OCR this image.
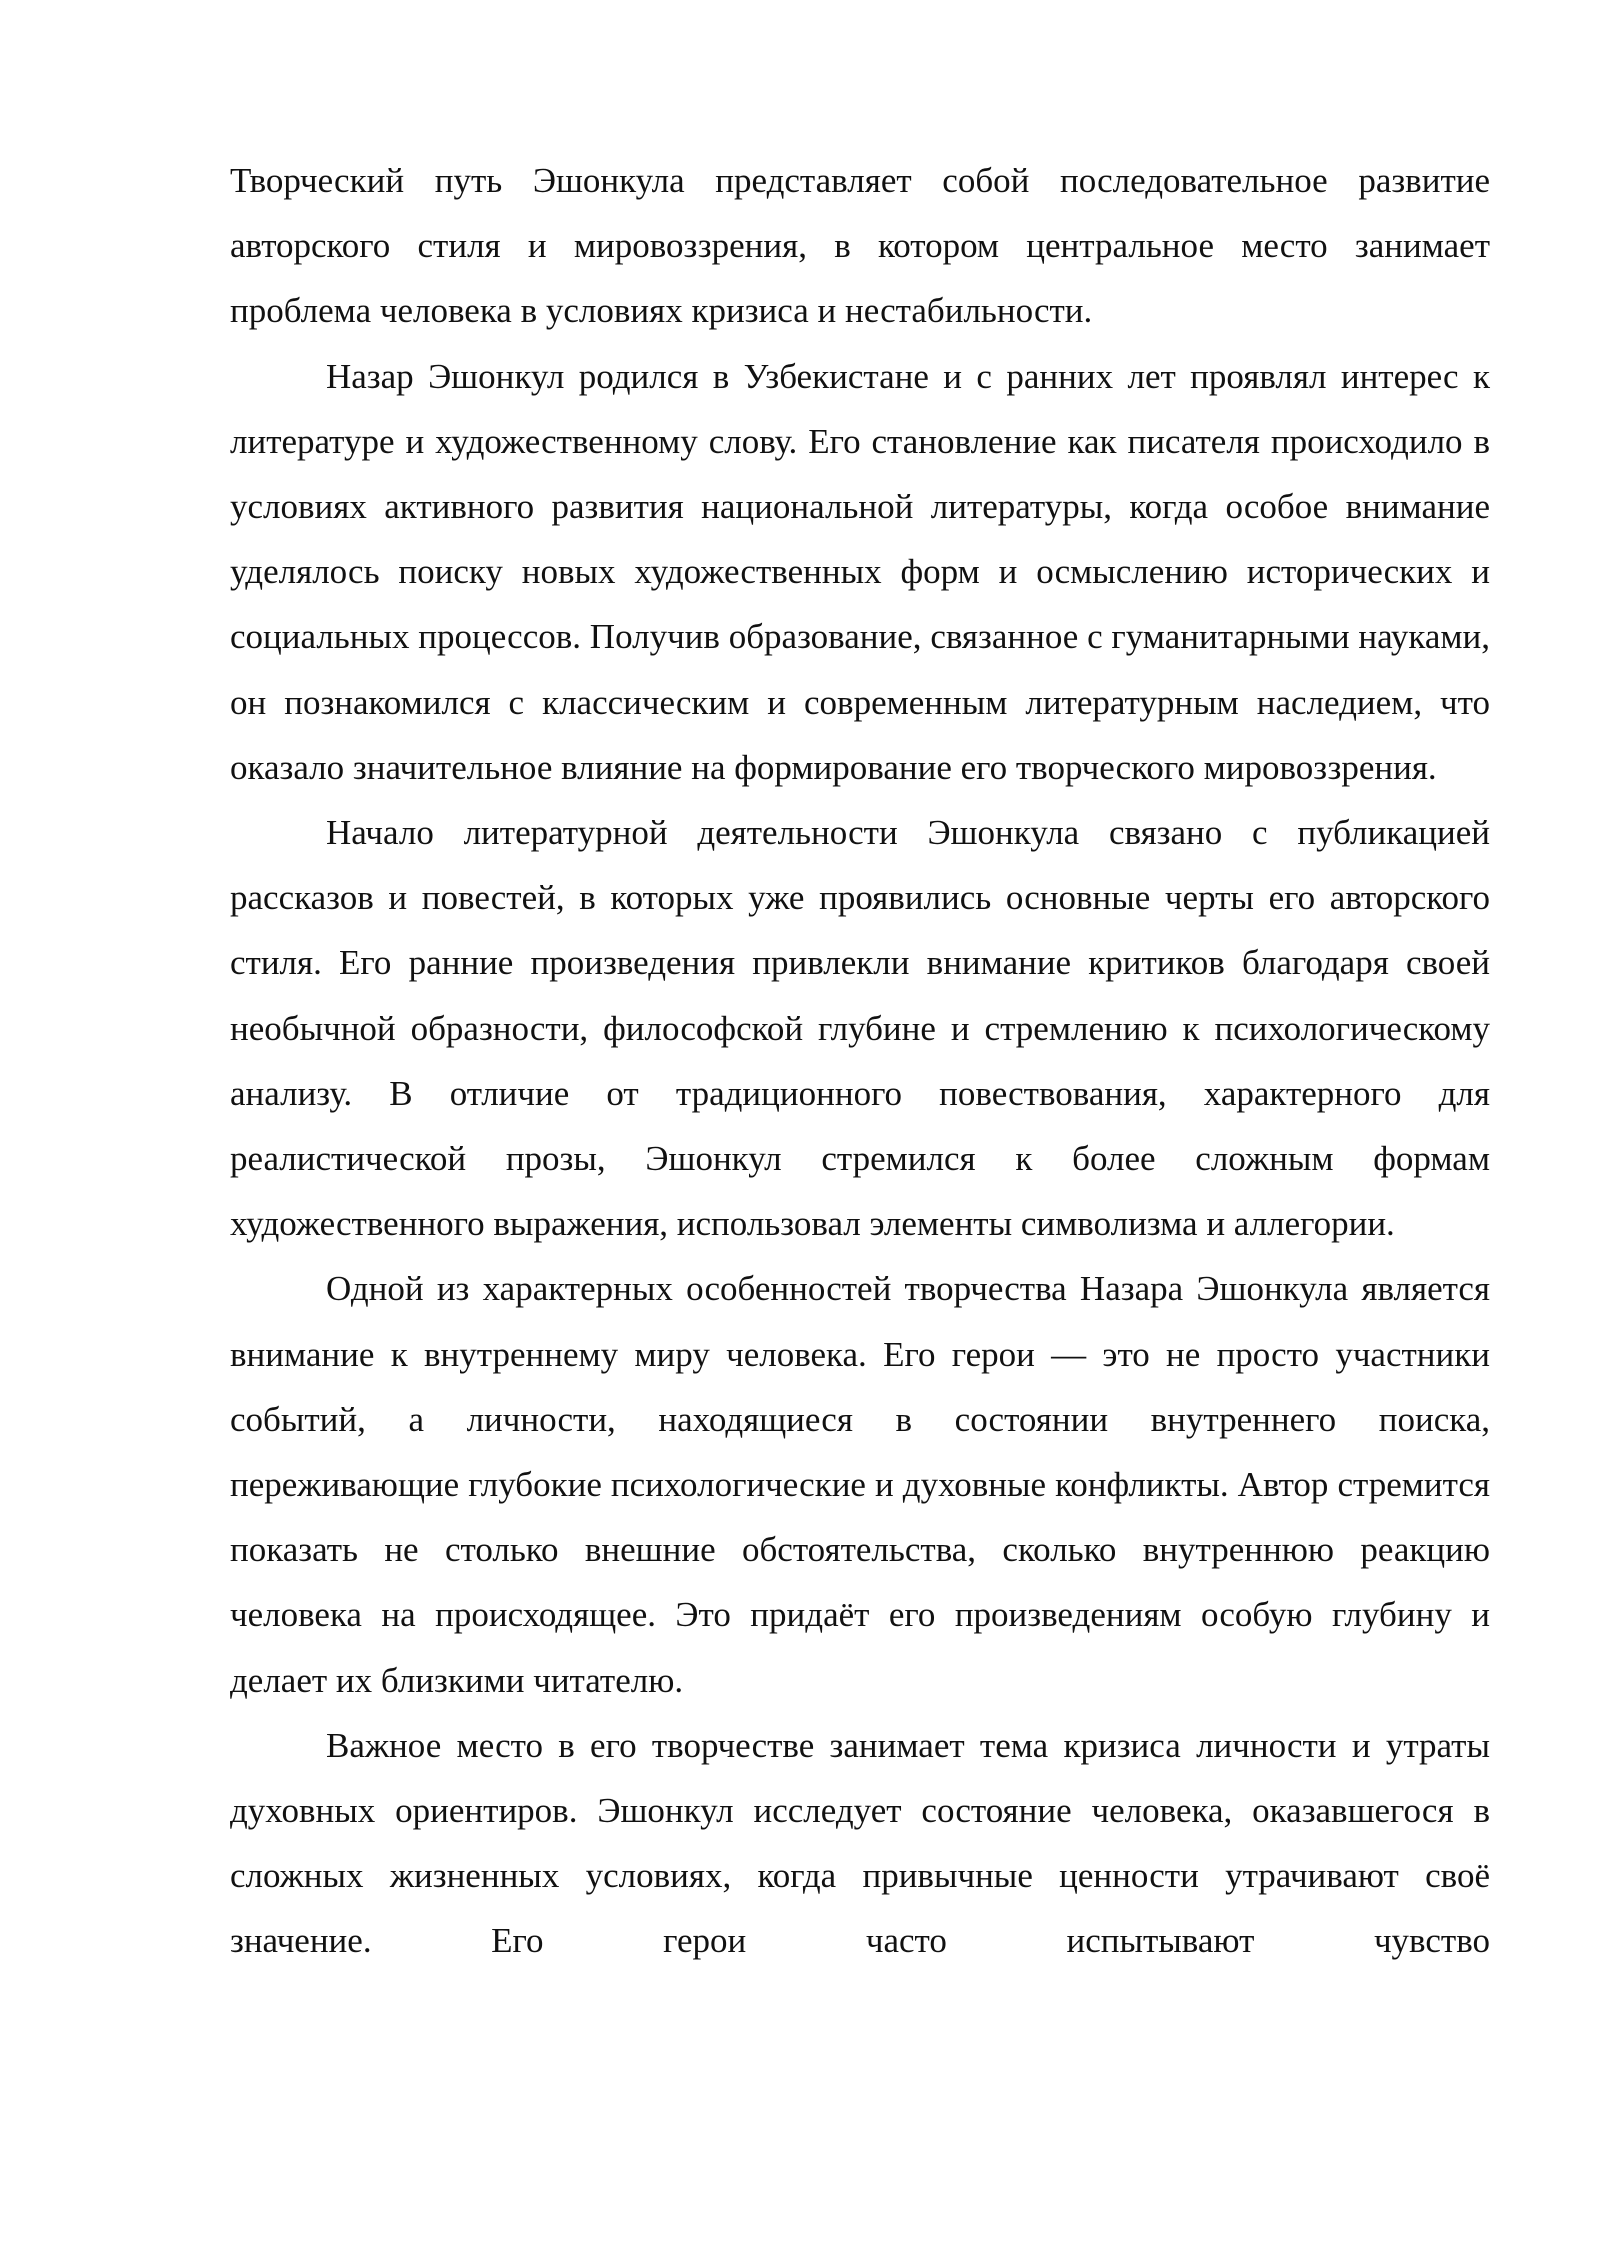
Творческий путь Эшонкула представляет собой последовательное развитие авторского стиля и мировоззрения, в котором центральное место занимает проблема человека в условиях кризиса и нестабильности.

Назар Эшонкул родился в Узбекистане и с ранних лет проявлял интерес к литературе и художественному слову. Его становление как писателя происходило в условиях активного развития национальной литературы, когда особое внимание уделялось поиску новых художественных форм и осмыслению исторических и социальных процессов. Получив образование, связанное с гуманитарными науками, он познакомился с классическим и современным литературным наследием, что оказало значительное влияние на формирование его творческого мировоззрения.

Начало литературной деятельности Эшонкула связано с публикацией рассказов и повестей, в которых уже проявились основные черты его авторского стиля. Его ранние произведения привлекли внимание критиков благодаря своей необычной образности, философской глубине и стремлению к психологическому анализу. В отличие от традиционного повествования, характерного для реалистической прозы, Эшонкул стремился к более сложным формам художественного выражения, использовал элементы символизма и аллегории.

Одной из характерных особенностей творчества Назара Эшонкула является внимание к внутреннему миру человека. Его герои — это не просто участники событий, а личности, находящиеся в состоянии внутреннего поиска, переживающие глубокие психологические и духовные конфликты. Автор стремится показать не столько внешние обстоятельства, сколько внутреннюю реакцию человека на происходящее. Это придаёт его произведениям особую глубину и делает их близкими читателю.

Важное место в его творчестве занимает тема кризиса личности и утраты духовных ориентиров. Эшонкул исследует состояние человека, оказавшегося в сложных жизненных условиях, когда привычные ценности утрачивают своё значение. Его герои часто испытывают чувство
